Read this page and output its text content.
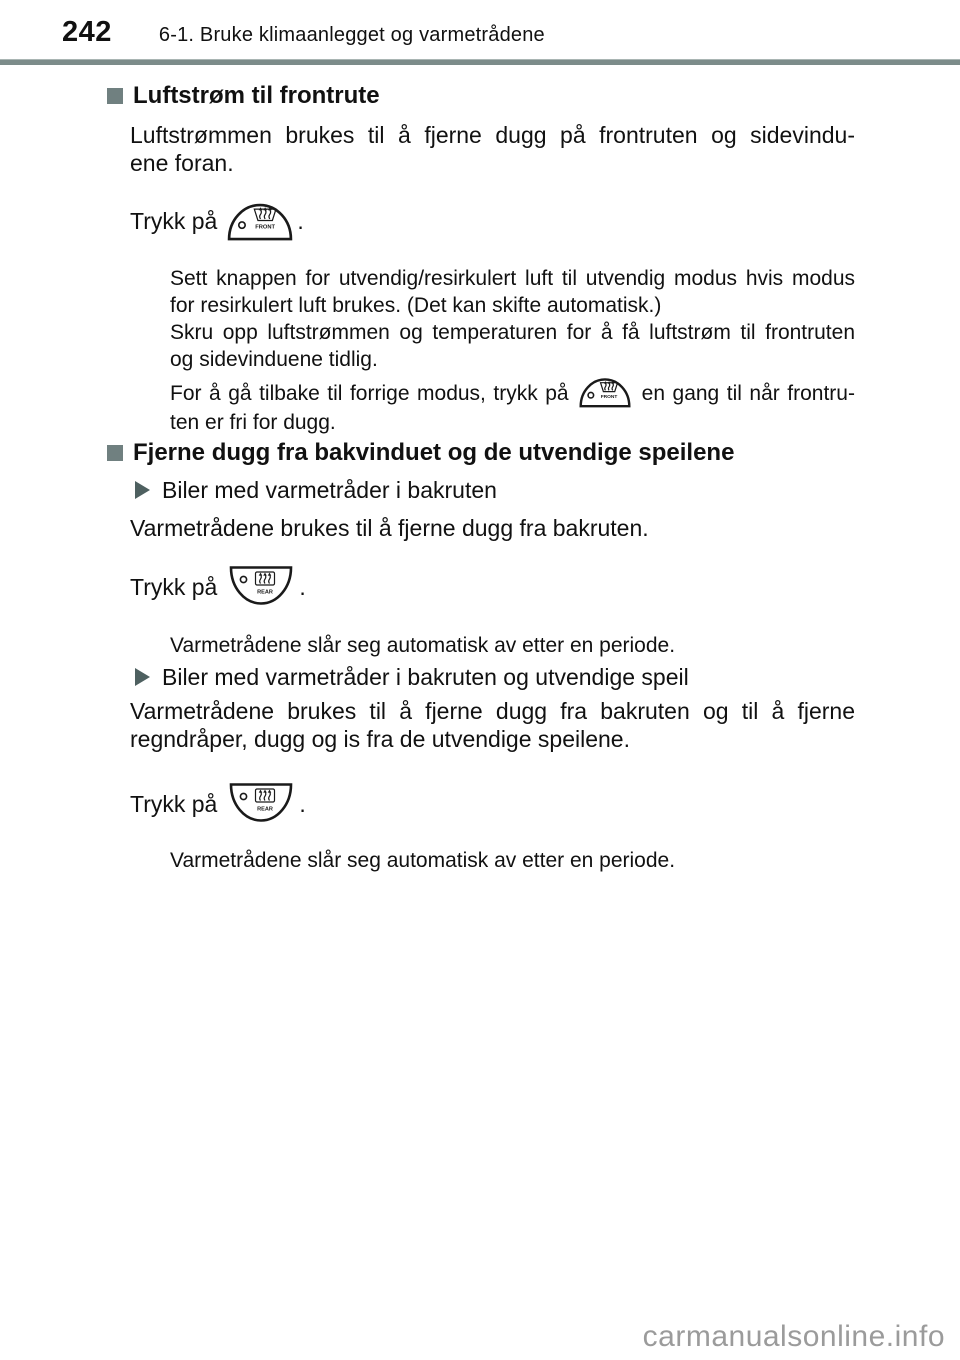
242 6-1. Bruke klimaanlegget og varmetrådene
Luftstrøm til frontrute
Luftstrømmen brukes til å fjerne dugg på frontruten og sidevindu-
ene foran.
Trykk på	FRONT .
Sett knappen for utvendig/resirkulert luft til utvendig modus hvis modus
for resirkulert luft brukes. (Det kan skifte automatisk.)
Skru opp luftstrømmen og temperaturen for å få luftstrøm til frontruten
og sidevinduene tidlig.
For å gå tilbake til forrige modus, trykk på	FRONT en gang til når frontru-
ten er fri for dugg.
Fjerne dugg fra bakvinduet og de utvendige speilene
Biler med varmetråder i bakruten
Varmetrådene brukes til å fjerne dugg fra bakruten.
Trykk på	REAR .
Varmetrådene slår seg automatisk av etter en periode.
Biler med varmetråder i bakruten og utvendige speil
Varmetrådene brukes til å fjerne dugg fra bakruten og til å fjerne
regndråper, dugg og is fra de utvendige speilene.
Trykk på	REAR .
Varmetrådene slår seg automatisk av etter en periode.
carmanualsonline.info
